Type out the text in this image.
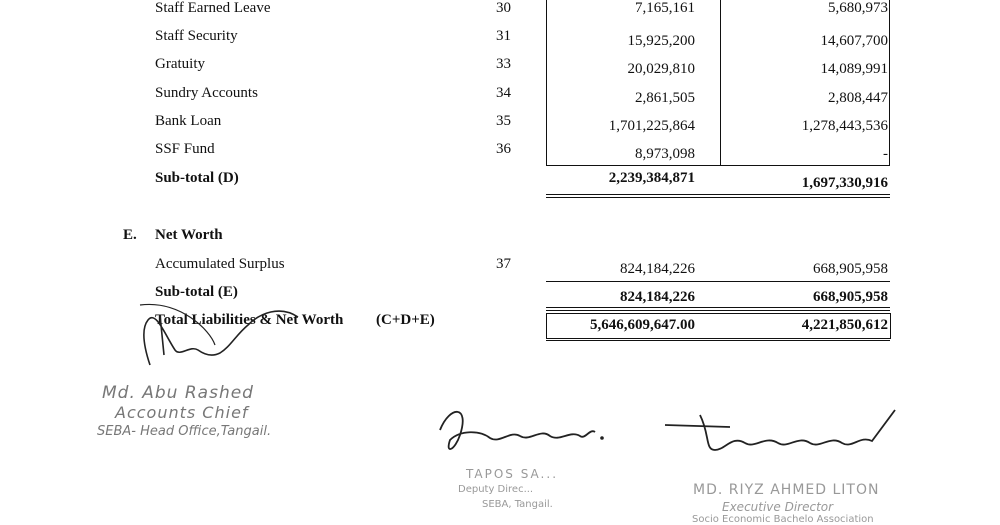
Staff Earned Leave	30	7,165,161	5,680,973
Staff Security	31	15,925,200	14,607,700
Gratuity	33	20,029,810	14,089,991
Sundry Accounts	34	2,861,505	2,808,447
Bank Loan	35	1,701,225,864	1,278,443,536
SSF Fund	36	8,973,098	-
Sub-total (D)	2,239,384,871	1,697,330,916
E. Net Worth
Accumulated Surplus	37	824,184,226	668,905,958
Sub-total (E)	824,184,226	668,905,958
Total Liabilities & Net Worth (C+D+E)	5,646,609,647.00	4,221,850,612
Md. Abu Rashed
Accounts Chief
SEBA- Head Office,Tangail.
TAPOS SA...
Deputy Direc...
SEBA, Tangail.
MD. RIYZ AHMED LITON
Executive Director
Socio Economic Bachelo Association
